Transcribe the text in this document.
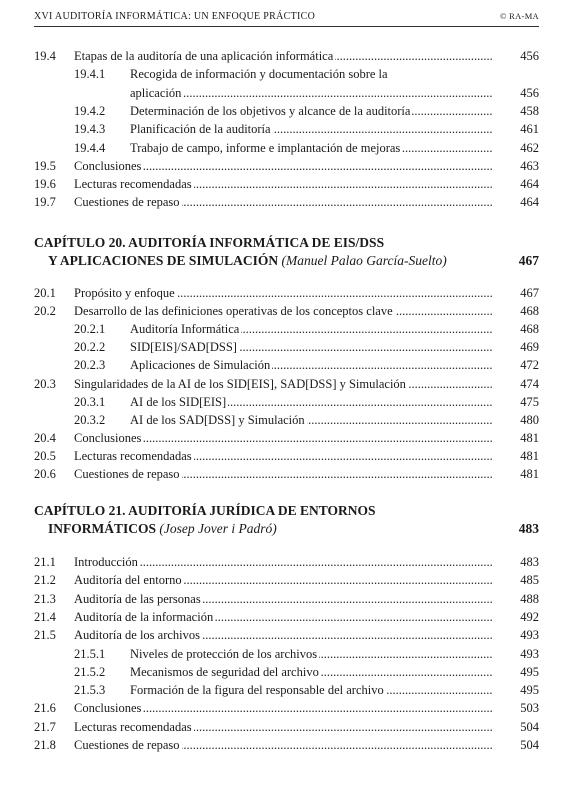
XVI AUDITORÍA INFORMÁTICA: UN ENFOQUE PRÁCTICO	© RA-MA
19.4 Etapas de la auditoría de una aplicación informática .....	456
19.4.1 Recogida de información y documentación sobre la
aplicación .....	456
19.4.2 Determinación de los objetivos y alcance de la auditoría .....	458
19.4.3 Planificación de la auditoría .....	461
19.4.4 Trabajo de campo, informe e implantación de mejoras .....	462
19.5 Conclusiones .....	463
19.6 Lecturas recomendadas .....	464
19.7 Cuestiones de repaso .....	464
CAPÍTULO 20. AUDITORÍA INFORMÁTICA DE EIS/DSS
Y APLICACIONES DE SIMULACIÓN (Manuel Palao García-Suelto)	467
20.1 Propósito y enfoque .....	467
20.2 Desarrollo de las definiciones operativas de los conceptos clave .....	468
20.2.1 Auditoría Informática .....	468
20.2.2 SID[EIS]/SAD[DSS] .....	469
20.2.3 Aplicaciones de Simulación .....	472
20.3 Singularidades de la AI de los SID[EIS], SAD[DSS] y Simulación .....	474
20.3.1 AI de los SID[EIS] .....	475
20.3.2 AI de los SAD[DSS] y Simulación .....	480
20.4 Conclusiones .....	481
20.5 Lecturas recomendadas .....	481
20.6 Cuestiones de repaso .....	481
CAPÍTULO 21. AUDITORÍA JURÍDICA DE ENTORNOS
INFORMÁTICOS (Josep Jover i Padró)	483
21.1 Introducción .....	483
21.2 Auditoría del entorno .....	485
21.3 Auditoría de las personas .....	488
21.4 Auditoría de la información .....	492
21.5 Auditoría de los archivos .....	493
21.5.1 Niveles de protección de los archivos .....	493
21.5.2 Mecanismos de seguridad del archivo .....	495
21.5.3 Formación de la figura del responsable del archivo .....	495
21.6 Conclusiones .....	503
21.7 Lecturas recomendadas .....	504
21.8 Cuestiones de repaso .....	504
